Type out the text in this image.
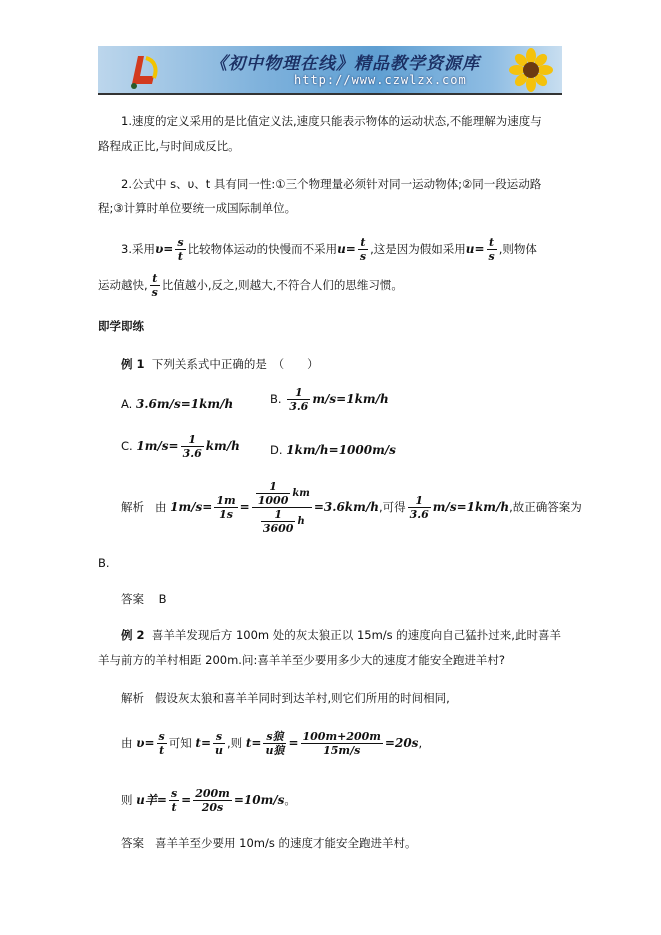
《初中物理在线》精品教学资源库
http://www.czwlzx.com
1.速度的定义采用的是比值定义法,速度只能表示物体的运动状态,不能理解为速度与
路程成正比,与时间成反比。
2.公式中 s、υ、t 具有同一性:①三个物理量必须针对同一运动物体;②同一段运动路
程;③计算时单位要统一成国际制单位。
3.采用$\upsilon= \frac{s}{t}$ 比较物体运动的快慢而不采用$u= \frac{t}{s}$ ,这是因为假如采用$u= \frac{t}{s}$ ,则物体
运动越快, $\frac{t}{s}$ 比值越小,反之,则越大,不符合人们的思维习惯。
即学即练
例 1 下列关系式中正确的是　（　　）
A. 3.6m/s=1km/h	B. $\frac{1}{3.6} m/s=1km/h$
C. $1m/s= \frac{1}{3.6} km/h$	D. 1km/h=1000m/s
解析 由 $1m/s= \frac{1m}{1s} = \frac{\frac{1}{1000} km}{\frac{1}{3600} h} =3.6km/h$,可得 $\frac{1}{3.6} m/s=1km/h$,故正确答案为
B.
答案 B
例 2 喜羊羊发现后方 100m 处的灰太狼正以 15m/s 的速度向自己猛扑过来,此时喜羊
羊与前方的羊村相距 200m.问:喜羊羊至少要用多少大的速度才能安全跑进羊村?
解析 假设灰太狼和喜羊羊同时到达羊村,则它们所用的时间相同,
由 $\upsilon= \frac{s}{t}$ 可知 $t= \frac{s}{u}$ ,则 $t= \frac{\text{s狼}}{\text{u狼}} = \frac{100m+200m}{15m/s} =20s$,
则 u羊= $\frac{s}{t} = \frac{200m}{20s} =10m/s$。
答案 喜羊羊至少要用 10m/s 的速度才能安全跑进羊村。
